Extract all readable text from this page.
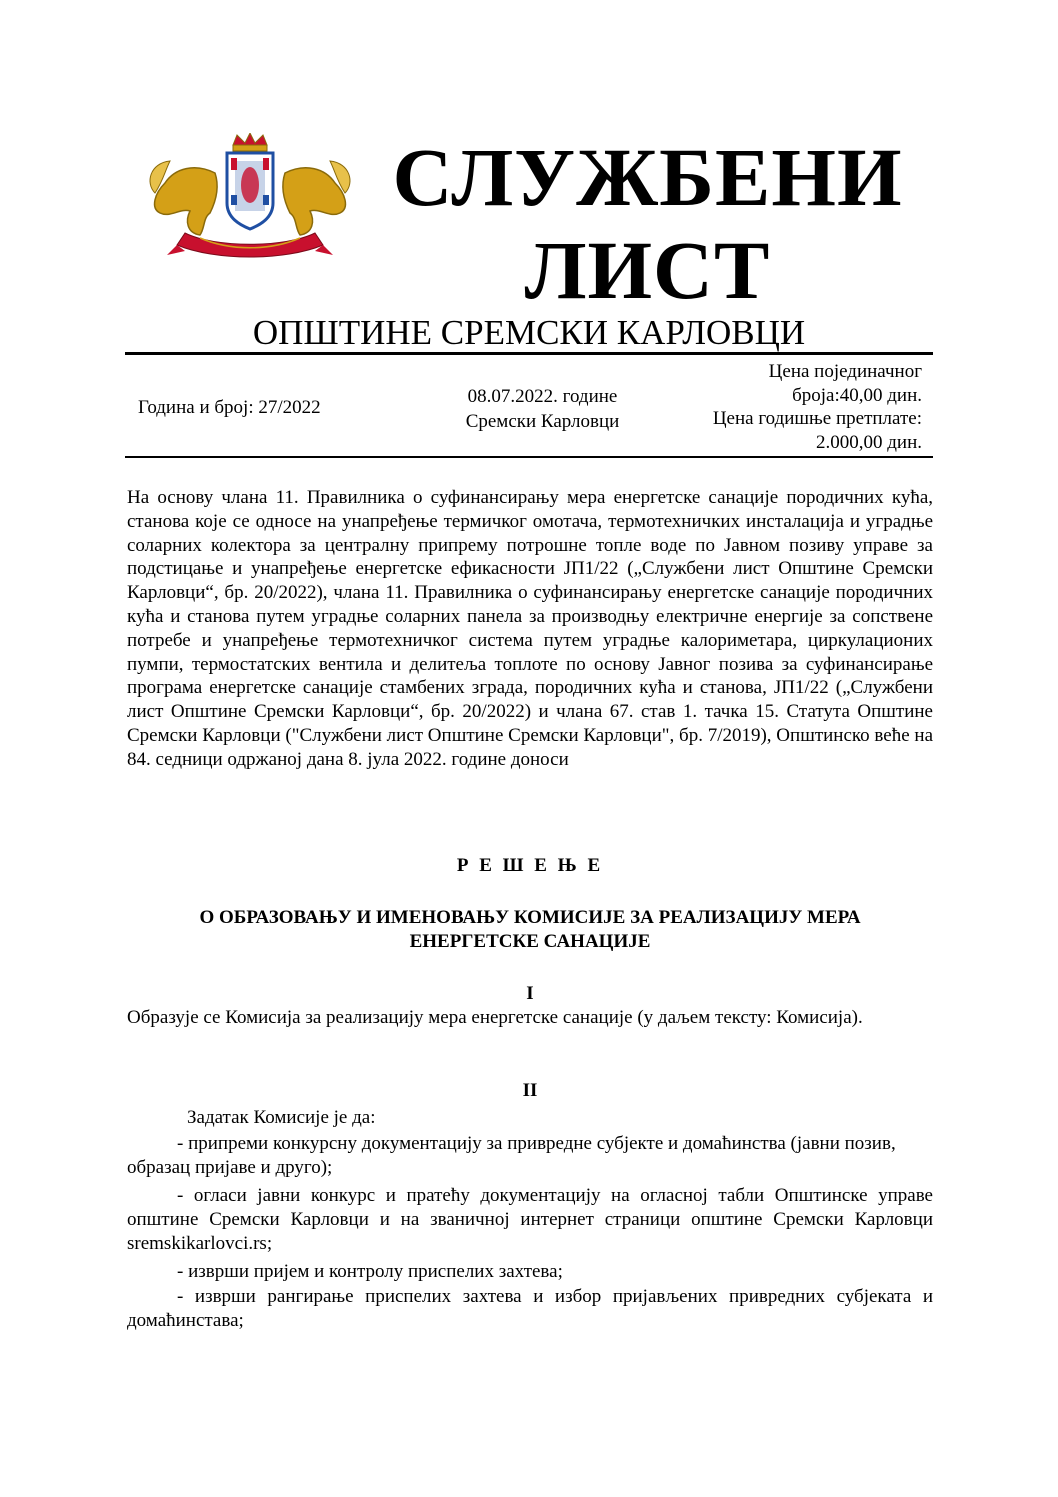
СЛУЖБЕНИ
ЛИСТ
ОПШТИНЕ СРЕМСКИ КАРЛОВЦИ
Година и број: 27/2022
08.07.2022. године
Сремски Карловци
Цена појединачног
броја:40,00 дин.
Цена годишње претплате:
2.000,00 дин.
На основу члана 11. Правилника о суфинансирању мера енергетске санације породичних кућа, станова које се односе на унапређење термичког омотача, термотехничких инсталација и уградње соларних колектора за централну припрему потрошне топле воде по Јавном позиву управе за подстицање и унапређење енергетске ефикасности ЈП1/22 („Службени лист Општине Сремски Карловци“, бр. 20/2022), члана 11. Правилника о суфинансирању енергетске санације породичних кућа и станова путем уградње соларних панела за производњу електричне енергије за сопствене потребе и унапређење термотехничког система путем уградње калориметара, циркулационих пумпи, термостатских вентила и делитеља топлоте по основу Јавног позива за суфинансирање програма енергетске санације стамбених зграда, породичних кућа и станова, ЈП1/22 („Службени лист Општине Сремски Карловци“, бр. 20/2022) и члана 67. став 1. тачка 15. Статута Општине Сремски Карловци ("Службени лист Општине Сремски Карловци", бр. 7/2019), Општинско веће на 84. седници одржаној дана 8. јула 2022. године доноси
Р Е Ш Е Њ Е
О ОБРАЗОВАЊУ И ИМЕНОВАЊУ КОМИСИЈЕ ЗА РЕАЛИЗАЦИЈУ МЕРА
ЕНЕРГЕТСКЕ САНАЦИЈЕ
I
Образује се Комисија за реализацију мера енергетске санације (у даљем тексту: Комисија).
II
Задатак Комисије је да:
- припреми конкурсну документацију за привредне субјекте и домаћинства (јавни позив, образац пријаве и друго);
- огласи јавни конкурс и пратећу документацију на огласној табли Општинске управе општине Сремски Карловци и на званичној интернет страници општине Сремски Карловци sremskikarlovci.rs;
- изврши пријем и контролу приспелих захтева;
- изврши рангирање приспелих захтева и избор пријављених привредних субјеката и домаћинстава;
